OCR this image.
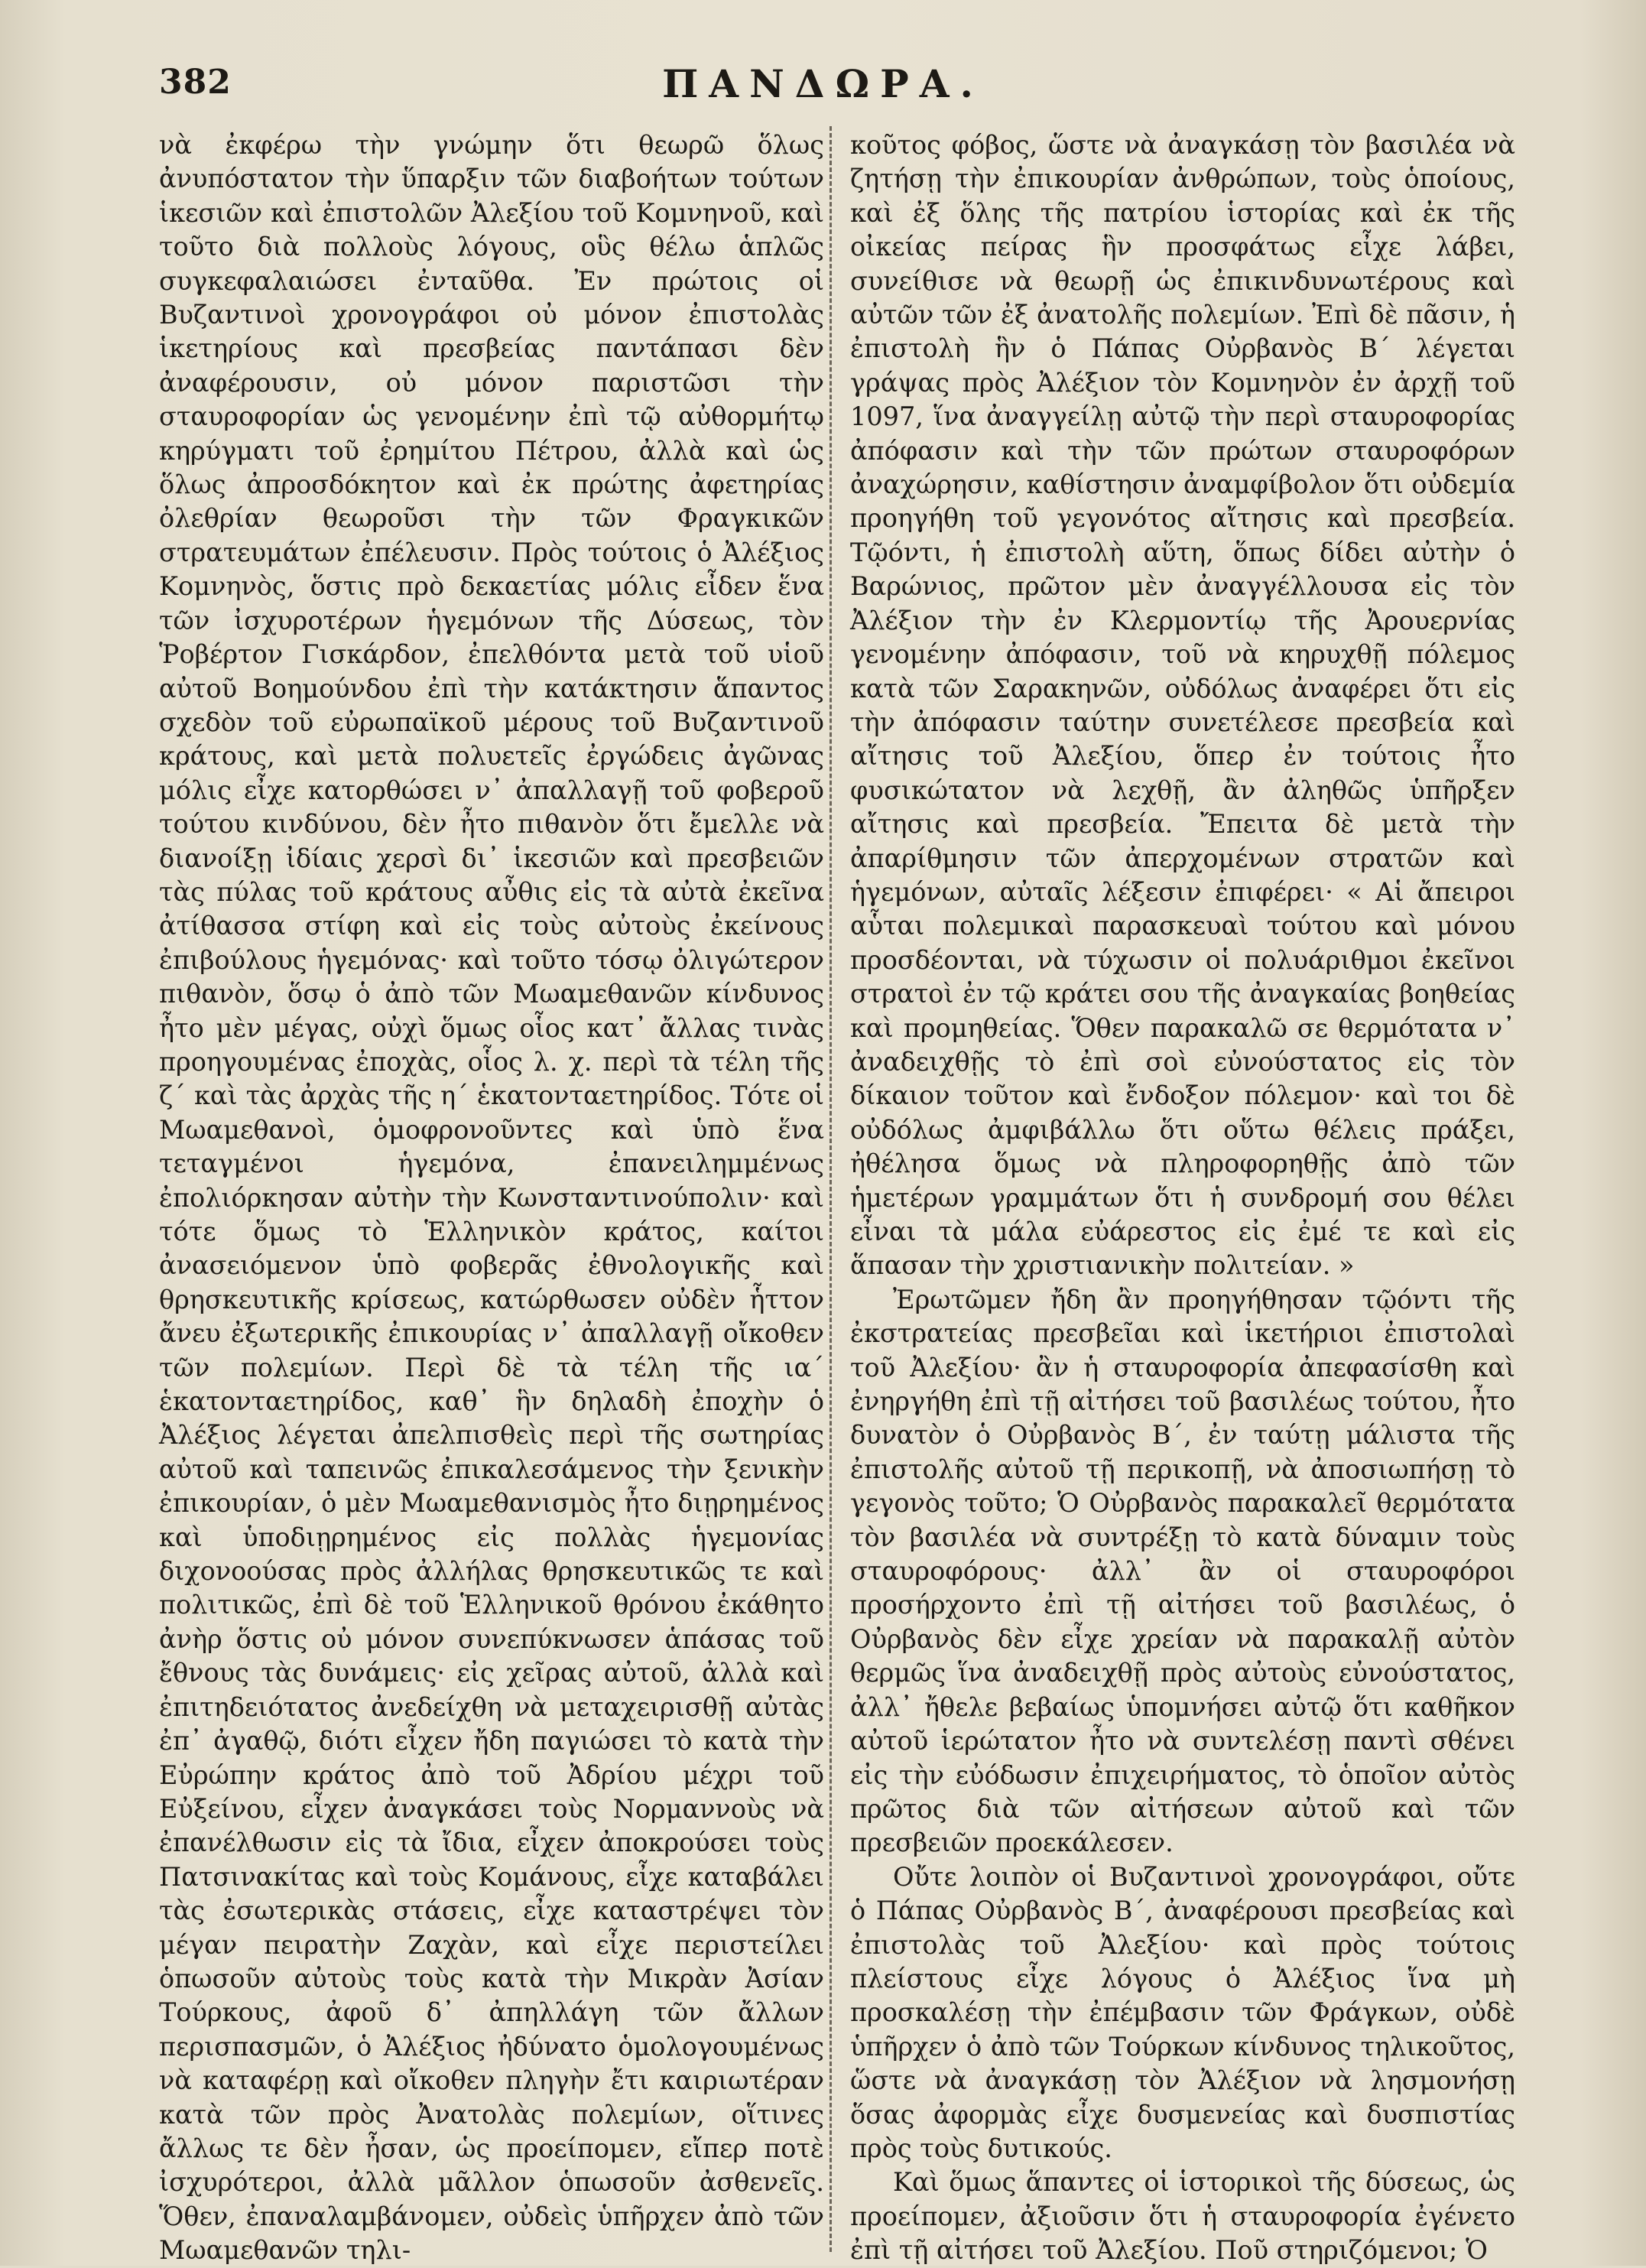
382	ΠΑΝΔΩΡΑ.

νὰ ἐκφέρω τὴν γνώμην ὅτι θεωρῶ ὅλως ἀνυπόστατον τὴν ὕπαρξιν τῶν διαβοήτων τούτων ἱκεσιῶν καὶ ἐπιστολῶν Ἀλεξίου τοῦ Κομνηνοῦ, καὶ τοῦτο διὰ πολλοὺς λόγους, οὓς θέλω ἁπλῶς συγκεφαλαιώσει ἐνταῦθα. Ἐν πρώτοις οἱ Βυζαντινοὶ χρονογράφοι οὐ μόνον ἐπιστολὰς ἱκετηρίους καὶ πρεσβείας παντάπασι δὲν ἀναφέρουσιν, οὐ μόνον παριστῶσι τὴν σταυροφορίαν ὡς γενομένην ἐπὶ τῷ αὐθορμήτῳ κηρύγματι τοῦ ἐρημίτου Πέτρου, ἀλλὰ καὶ ὡς ὅλως ἀπροσδόκητον καὶ ἐκ πρώτης ἀφετηρίας ὀλεθρίαν θεωροῦσι τὴν τῶν Φραγκικῶν στρατευμάτων ἐπέλευσιν. Πρὸς τούτοις ὁ Ἀλέξιος Κομνηνὸς, ὅστις πρὸ δεκαετίας μόλις εἶδεν ἕνα τῶν ἰσχυροτέρων ἡγεμόνων τῆς Δύσεως, τὸν Ῥοβέρτον Γισκάρδον, ἐπελθόντα μετὰ τοῦ υἱοῦ αὐτοῦ Βοημούνδου ἐπὶ τὴν κατάκτησιν ἅπαντος σχεδὸν τοῦ εὐρωπαϊκοῦ μέρους τοῦ Βυζαντινοῦ κράτους, καὶ μετὰ πολυετεῖς ἐργώδεις ἀγῶνας μόλις εἶχε κατορθώσει ν᾿ ἀπαλλαγῇ τοῦ φοβεροῦ τούτου κινδύνου, δὲν ἦτο πιθανὸν ὅτι ἔμελλε νὰ διανοίξῃ ἰδίαις χερσὶ δι᾿ ἱκεσιῶν καὶ πρεσβειῶν τὰς πύλας τοῦ κράτους αὖθις εἰς τὰ αὐτὰ ἐκεῖνα ἀτίθασσα στίφη καὶ εἰς τοὺς αὐτοὺς ἐκείνους ἐπιβούλους ἡγεμόνας· καὶ τοῦτο τόσῳ ὀλιγώτερον πιθανὸν, ὅσῳ ὁ ἀπὸ τῶν Μωαμεθανῶν κίνδυνος ἦτο μὲν μέγας, οὐχὶ ὅμως οἷος κατ᾿ ἄλλας τινὰς προηγουμένας ἐποχὰς, οἷος λ. χ. περὶ τὰ τέλη τῆς ζ´ καὶ τὰς ἀρχὰς τῆς η´ ἑκατονταετηρίδος. Τότε οἱ Μωαμεθανοὶ, ὁμοφρονοῦντες καὶ ὑπὸ ἕνα τεταγμένοι ἡγεμόνα, ἐπανειλημμένως ἐπολιόρκησαν αὐτὴν τὴν Κωνσταντινούπολιν· καὶ τότε ὅμως τὸ Ἑλληνικὸν κράτος, καίτοι ἀνασειόμενον ὑπὸ φοβερᾶς ἐθνολογικῆς καὶ θρησκευτικῆς κρίσεως, κατώρθωσεν οὐδὲν ἧττον ἄνευ ἐξωτερικῆς ἐπικουρίας ν᾿ ἀπαλλαγῇ οἴκοθεν τῶν πολεμίων. Περὶ δὲ τὰ τέλη τῆς ια´ ἑκατονταετηρίδος, καθ᾿ ἣν δηλαδὴ ἐποχὴν ὁ Ἀλέξιος λέγεται ἀπελπισθεὶς περὶ τῆς σωτηρίας αὐτοῦ καὶ ταπεινῶς ἐπικαλεσάμενος τὴν ξενικὴν ἐπικουρίαν, ὁ μὲν Μωαμεθανισμὸς ἦτο διῃρημένος καὶ ὑποδιῃρημένος εἰς πολλὰς ἡγεμονίας διχονοούσας πρὸς ἀλλήλας θρησκευτικῶς τε καὶ πολιτικῶς, ἐπὶ δὲ τοῦ Ἑλληνικοῦ θρόνου ἐκάθητο ἀνὴρ ὅστις οὐ μόνον συνεπύκνωσεν ἁπάσας τοῦ ἔθνους τὰς δυνάμεις· εἰς χεῖρας αὐτοῦ, ἀλλὰ καὶ ἐπιτηδειότατος ἀνεδείχθη νὰ μεταχειρισθῇ αὐτὰς ἐπ᾿ ἀγαθῷ, διότι εἶχεν ἤδη παγιώσει τὸ κατὰ τὴν Εὐρώπην κράτος ἀπὸ τοῦ Ἀδρίου μέχρι τοῦ Εὐξείνου, εἶχεν ἀναγκάσει τοὺς Νορμαννοὺς νὰ ἐπανέλθωσιν εἰς τὰ ἴδια, εἶχεν ἀποκρούσει τοὺς Πατσινακίτας καὶ τοὺς Κομάνους, εἶχε καταβάλει τὰς ἐσωτερικὰς στάσεις, εἶχε καταστρέψει τὸν μέγαν πειρατὴν Ζαχὰν, καὶ εἶχε περιστείλει ὁπωσοῦν αὐτοὺς τοὺς κατὰ τὴν Μικρὰν Ἀσίαν Τούρκους, ἀφοῦ δ᾿ ἀπηλλάγη τῶν ἄλλων περισπασμῶν, ὁ Ἀλέξιος ἠδύνατο ὁμολογουμένως νὰ καταφέρῃ καὶ οἴκοθεν πληγὴν ἔτι καιριωτέραν κατὰ τῶν πρὸς Ἀνατολὰς πολεμίων, οἵτινες ἄλλως τε δὲν ἦσαν, ὡς προείπομεν, εἴπερ ποτὲ ἰσχυρότεροι, ἀλλὰ μᾶλλον ὁπωσοῦν ἀσθενεῖς. Ὅθεν, ἐπαναλαμβάνομεν, οὐδεὶς ὑπῆρχεν ἀπὸ τῶν Μωαμεθανῶν τηλι-

κοῦτος φόβος, ὥστε νὰ ἀναγκάσῃ τὸν βασιλέα νὰ ζητήσῃ τὴν ἐπικουρίαν ἀνθρώπων, τοὺς ὁποίους, καὶ ἐξ ὅλης τῆς πατρίου ἱστορίας καὶ ἐκ τῆς οἰκείας πείρας ἣν προσφάτως εἶχε λάβει, συνείθισε νὰ θεωρῇ ὡς ἐπικινδυνωτέρους καὶ αὐτῶν τῶν ἐξ ἀνατολῆς πολεμίων. Ἐπὶ δὲ πᾶσιν, ἡ ἐπιστολὴ ἣν ὁ Πάπας Οὐρβανὸς Β´ λέγεται γράψας πρὸς Ἀλέξιον τὸν Κομνηνὸν ἐν ἀρχῇ τοῦ 1097, ἵνα ἀναγγείλῃ αὐτῷ τὴν περὶ σταυροφορίας ἀπόφασιν καὶ τὴν τῶν πρώτων σταυροφόρων ἀναχώρησιν, καθίστησιν ἀναμφίβολον ὅτι οὐδεμία προηγήθη τοῦ γεγονότος αἴτησις καὶ πρεσβεία. Τῷόντι, ἡ ἐπιστολὴ αὕτη, ὅπως δίδει αὐτὴν ὁ Βαρώνιος, πρῶτον μὲν ἀναγγέλλουσα εἰς τὸν Ἀλέξιον τὴν ἐν Κλερμοντίῳ τῆς Ἀρουερνίας γενομένην ἀπόφασιν, τοῦ νὰ κηρυχθῇ πόλεμος κατὰ τῶν Σαρακηνῶν, οὐδόλως ἀναφέρει ὅτι εἰς τὴν ἀπόφασιν ταύτην συνετέλεσε πρεσβεία καὶ αἴτησις τοῦ Ἀλεξίου, ὅπερ ἐν τούτοις ἦτο φυσικώτατον νὰ λεχθῇ, ἂν ἀληθῶς ὑπῆρξεν αἴτησις καὶ πρεσβεία. Ἔπειτα δὲ μετὰ τὴν ἀπαρίθμησιν τῶν ἀπερχομένων στρατῶν καὶ ἡγεμόνων, αὐταῖς λέξεσιν ἐπιφέρει· « Αἱ ἄπειροι αὗται πολεμικαὶ παρασκευαὶ τούτου καὶ μόνου προσδέονται, νὰ τύχωσιν οἱ πολυάριθμοι ἐκεῖνοι στρατοὶ ἐν τῷ κράτει σου τῆς ἀναγκαίας βοηθείας καὶ προμηθείας. Ὅθεν παρακαλῶ σε θερμότατα ν᾿ ἀναδειχθῇς τὸ ἐπὶ σοὶ εὐνούστατος εἰς τὸν δίκαιον τοῦτον καὶ ἔνδοξον πόλεμον· καὶ τοι δὲ οὐδόλως ἀμφιβάλλω ὅτι οὕτω θέλεις πράξει, ἠθέλησα ὅμως νὰ πληροφορηθῇς ἀπὸ τῶν ἡμετέρων γραμμάτων ὅτι ἡ συνδρομή σου θέλει εἶναι τὰ μάλα εὐάρεστος εἰς ἐμέ τε καὶ εἰς ἅπασαν τὴν χριστιανικὴν πολιτείαν. »

Ἐρωτῶμεν ἤδη ἂν προηγήθησαν τῷόντι τῆς ἐκστρατείας πρεσβεῖαι καὶ ἱκετήριοι ἐπιστολαὶ τοῦ Ἀλεξίου· ἂν ἡ σταυροφορία ἀπεφασίσθη καὶ ἐνηργήθη ἐπὶ τῇ αἰτήσει τοῦ βασιλέως τούτου, ἦτο δυνατὸν ὁ Οὐρβανὸς Β´, ἐν ταύτῃ μάλιστα τῆς ἐπιστολῆς αὐτοῦ τῇ περικοπῇ, νὰ ἀποσιωπήσῃ τὸ γεγονὸς τοῦτο; Ὁ Οὐρβανὸς παρακαλεῖ θερμότατα τὸν βασιλέα νὰ συντρέξῃ τὸ κατὰ δύναμιν τοὺς σταυροφόρους· ἀλλ᾿ ἂν οἱ σταυροφόροι προσήρχοντο ἐπὶ τῇ αἰτήσει τοῦ βασιλέως, ὁ Οὐρβανὸς δὲν εἶχε χρείαν νὰ παρακαλῇ αὐτὸν θερμῶς ἵνα ἀναδειχθῇ πρὸς αὐτοὺς εὐνούστατος, ἀλλ᾿ ἤθελε βεβαίως ὑπομνήσει αὐτῷ ὅτι καθῆκον αὐτοῦ ἱερώτατον ἦτο νὰ συντελέσῃ παντὶ σθένει εἰς τὴν εὐόδωσιν ἐπιχειρήματος, τὸ ὁποῖον αὐτὸς πρῶτος διὰ τῶν αἰτήσεων αὐτοῦ καὶ τῶν πρεσβειῶν προεκάλεσεν.

Οὔτε λοιπὸν οἱ Βυζαντινοὶ χρονογράφοι, οὔτε ὁ Πάπας Οὐρβανὸς Β´, ἀναφέρουσι πρεσβείας καὶ ἐπιστολὰς τοῦ Ἀλεξίου· καὶ πρὸς τούτοις πλείστους εἶχε λόγους ὁ Ἀλέξιος ἵνα μὴ προσκαλέσῃ τὴν ἐπέμβασιν τῶν Φράγκων, οὐδὲ ὑπῆρχεν ὁ ἀπὸ τῶν Τούρκων κίνδυνος τηλικοῦτος, ὥστε νὰ ἀναγκάσῃ τὸν Ἀλέξιον νὰ λησμονήσῃ ὅσας ἀφορμὰς εἶχε δυσμενείας καὶ δυσπιστίας πρὸς τοὺς δυτικούς.

Καὶ ὅμως ἅπαντες οἱ ἱστορικοὶ τῆς δύσεως, ὡς προείπομεν, ἀξιοῦσιν ὅτι ἡ σταυροφορία ἐγένετο ἐπὶ τῇ αἰτήσει τοῦ Ἀλεξίου. Ποῦ στηριζόμενοι; Ὁ
